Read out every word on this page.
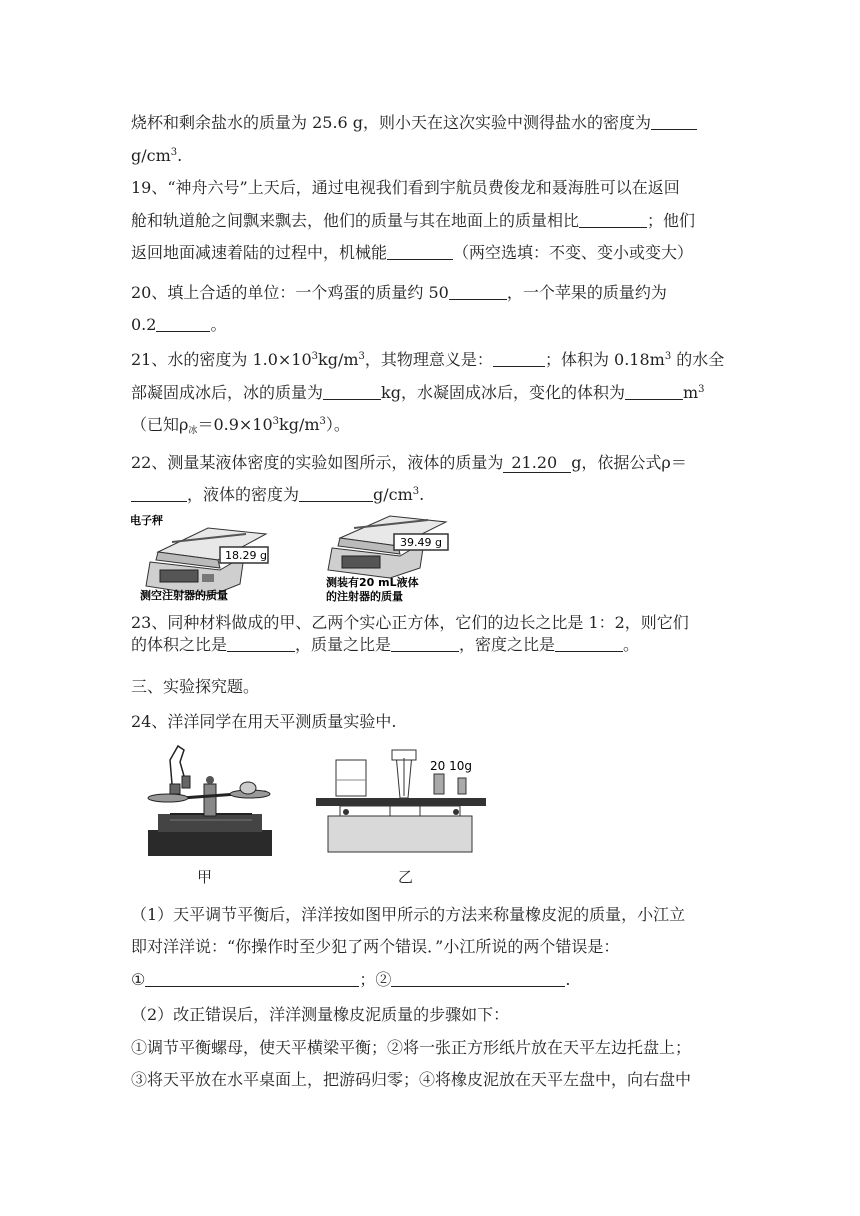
烧杯和剩余盐水的质量为 25.6 g，则小天在这次实验中测得盐水的密度为
$g/cm^3$.
19、“神舟六号”上天后，通过电视我们看到宇航员费俊龙和聂海胜可以在返回
舱和轨道舱之间飘来飘去，他们的质量与其在地面上的质量相比	；他们
返回地面减速着陆的过程中，机械能	（两空选填：不变、变小或变大）
20、填上合适的单位：一个鸡蛋的质量约 50	，一个苹果的质量约为
0.2	。
21、水的密度为 $1.0\times 10^3kg/m^3$，其物理意义是：	；体积为 $0.18m^3$ 的水全
部凝固成冰后，冰的质量为	kg，水凝固成冰后，变化的体积为	$m^3$
（已知$\rho_冰=0.9\times 10^3kg/m^3$）。
22、测量某液体密度的实验如图所示，液体的质量为 21.20 g，依据公式ρ＝
，液体的密度为	$g/cm^3$.
电子秤
18.29 g
测空注射器的质量
39.49 g
测装有20 mL液体
的注射器的质量
23、同种材料做成的甲、乙两个实心正方体，它们的边长之比是 1：2，则它们
的体积之比是	，质量之比是	，密度之比是	。
三、实验探究题。
24、洋洋同学在用天平测质量实验中.
20 10g
甲	乙
（1）天平调节平衡后，洋洋按如图甲所示的方法来称量橡皮泥的质量，小江立
即对洋洋说：“你操作时至少犯了两个错误．”小江所说的两个错误是：
①	；②	.
（2）改正错误后，洋洋测量橡皮泥质量的步骤如下：
①调节平衡螺母，使天平横梁平衡；②将一张正方形纸片放在天平左边托盘上；
③将天平放在水平桌面上，把游码归零；④将橡皮泥放在天平左盘中，向右盘中
